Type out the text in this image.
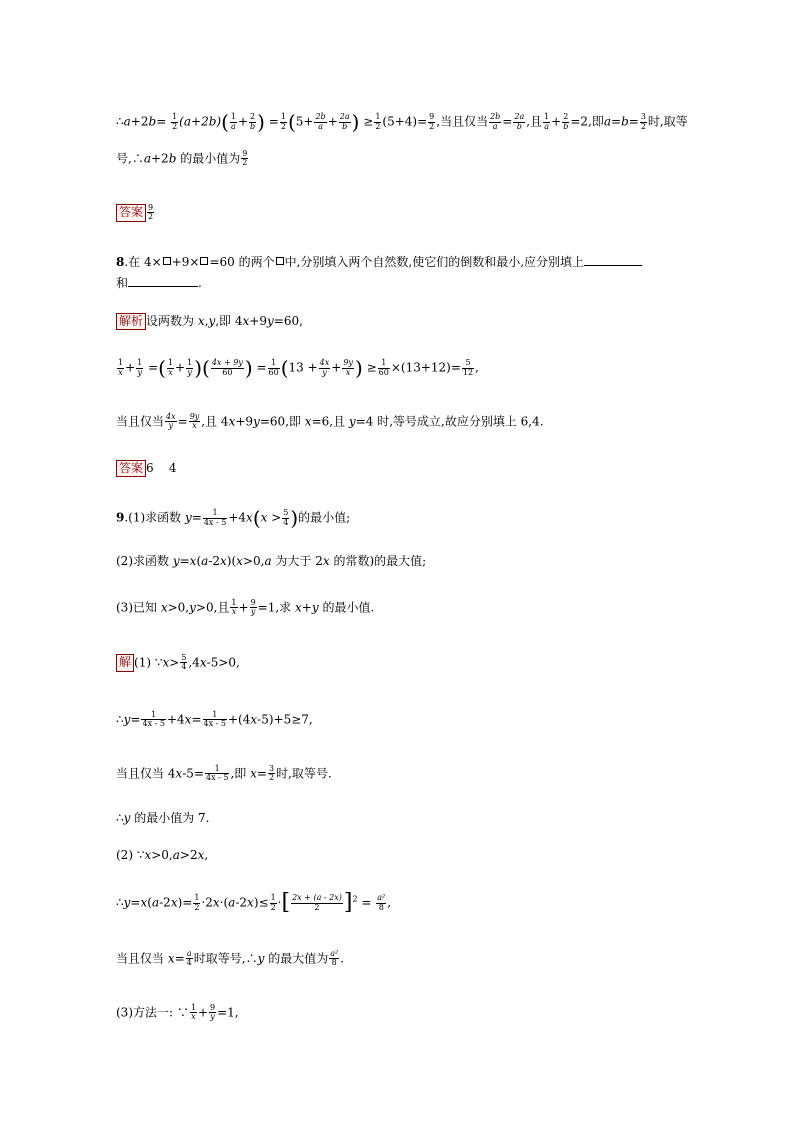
∴a+2b= $\frac{1}{2} (a+2b)( \frac{1}{a} + \frac{2}{b}$ ) = $\frac{1}{2} (5+ \frac{2b}{a} + \frac{2a}{b}$ ) ≥ $\frac{1}{2} (5+4)= \frac{9}{2}$ ,当且仅当 $\frac{2b}{a} = \frac{2a}{b}$ ,且 $\frac{1}{a} + \frac{2}{b} =2$,即$a=b= \frac{3}{2}$ 时,取等
号,∴a+2b 的最小值为 $\frac{9}{2}$
答案 $\frac{9}{2}$
8.在 4× +9× =60 的两个 中,分别填入两个自然数,使它们的倒数和最小,应分别填上
和	.
解析 设两数为 x,y,即 4x+9y=60,
$\frac{1}{x} + \frac{1}{y}$ =( $\frac{1}{x} + \frac{1}{y}$ )( $\frac{4x + 9y}{60}$ ) = $\frac{1}{60} (13 + \frac{4x}{y} + \frac{9y}{x}$ ) ≥ $\frac{1}{60} \times(13+12)= \frac{5}{12}$ ,
当且仅当 $\frac{4x}{y} = \frac{9y}{x}$ ,且 4x+9y=60,即 x=6,且 y=4 时,等号成立,故应分别填上 6,4.
答案 6    4
9.(1)求函数 $y= \frac{1}{4x - 5} +4x(x > \frac{5}{4}$ )的最小值;
(2)求函数 y=x(a-2x)(x>0,a 为大于 2x 的常数)的最大值;
(3)已知 x>0,y>0,且 $\frac{1}{x} + \frac{9}{y} =1$,求 x+y 的最小值.
解 (1) ∵x> $\frac{5}{4} ,4x-5>0$,
∴y= $\frac{1}{4x - 5} +4x= \frac{1}{4x - 5} +(4x-5)+5\ge 7$,
当且仅当 $4x-5= \frac{1}{4x - 5}$ ,即 $x= \frac{3}{2}$ 时,取等号.
∴y 的最小值为 7.
(2) ∵x>0,a>2x,
∴y=x(a-2x)= $\frac{1}{2} \cdot 2x\cdot(a-2x)\le \frac{1}{2}$ ·[ $\frac{2x + (a - 2x)}{2} ]^2 = \frac{\text{a²}}{8}$ ,
当且仅当 $x= \frac{a}{4}$ 时取等号,∴y 的最大值为 $\frac{\text{a²}}{8}$ .
(3)方法一: ∵ $\frac{1}{x} + \frac{9}{y} =1$,
